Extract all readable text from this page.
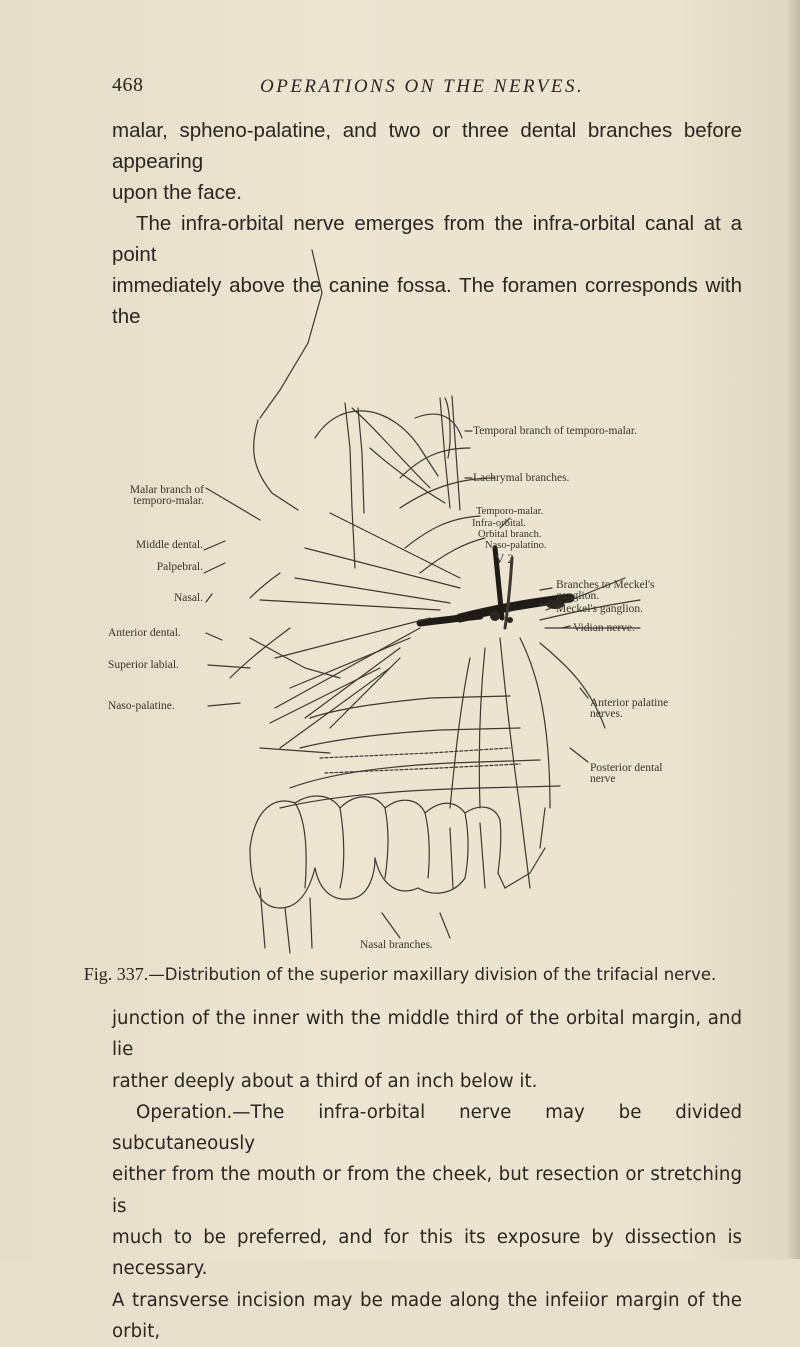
468	OPERATIONS ON THE NERVES.
malar, spheno-palatine, and two or three dental branches before appearing
upon the face.
The infra-orbital nerve emerges from the infra-orbital canal at a point
immediately above the canine fossa. The foramen corresponds with the
Malar branch of
temporo-malar.
Middle dental.
Palpebral.
Nasal.
Anterior dental.
Superior labial.
Naso-palatine.
Temporal branch of temporo-malar.
Lachrymal branches.
Temporo-malar.
Infra-orbital.
Orbital branch.
Naso-palatino.
V 2
Branches to Meckel's
ganglion.
Meckel's ganglion.
Vidian nerve.
Anterior palatine
nerves.
Posterior dental
nerve
Nasal branches.
Fig. 337.—Distribution of the superior maxillary division of the trifacial nerve.
junction of the inner with the middle third of the orbital margin, and lie
rather deeply about a third of an inch below it.
Operation.—The infra-orbital nerve may be divided subcutaneously
either from the mouth or from the cheek, but resection or stretching is
much to be preferred, and for this its exposure by dissection is necessary.
A transverse incision may be made along the infeiior margin of the orbit,
